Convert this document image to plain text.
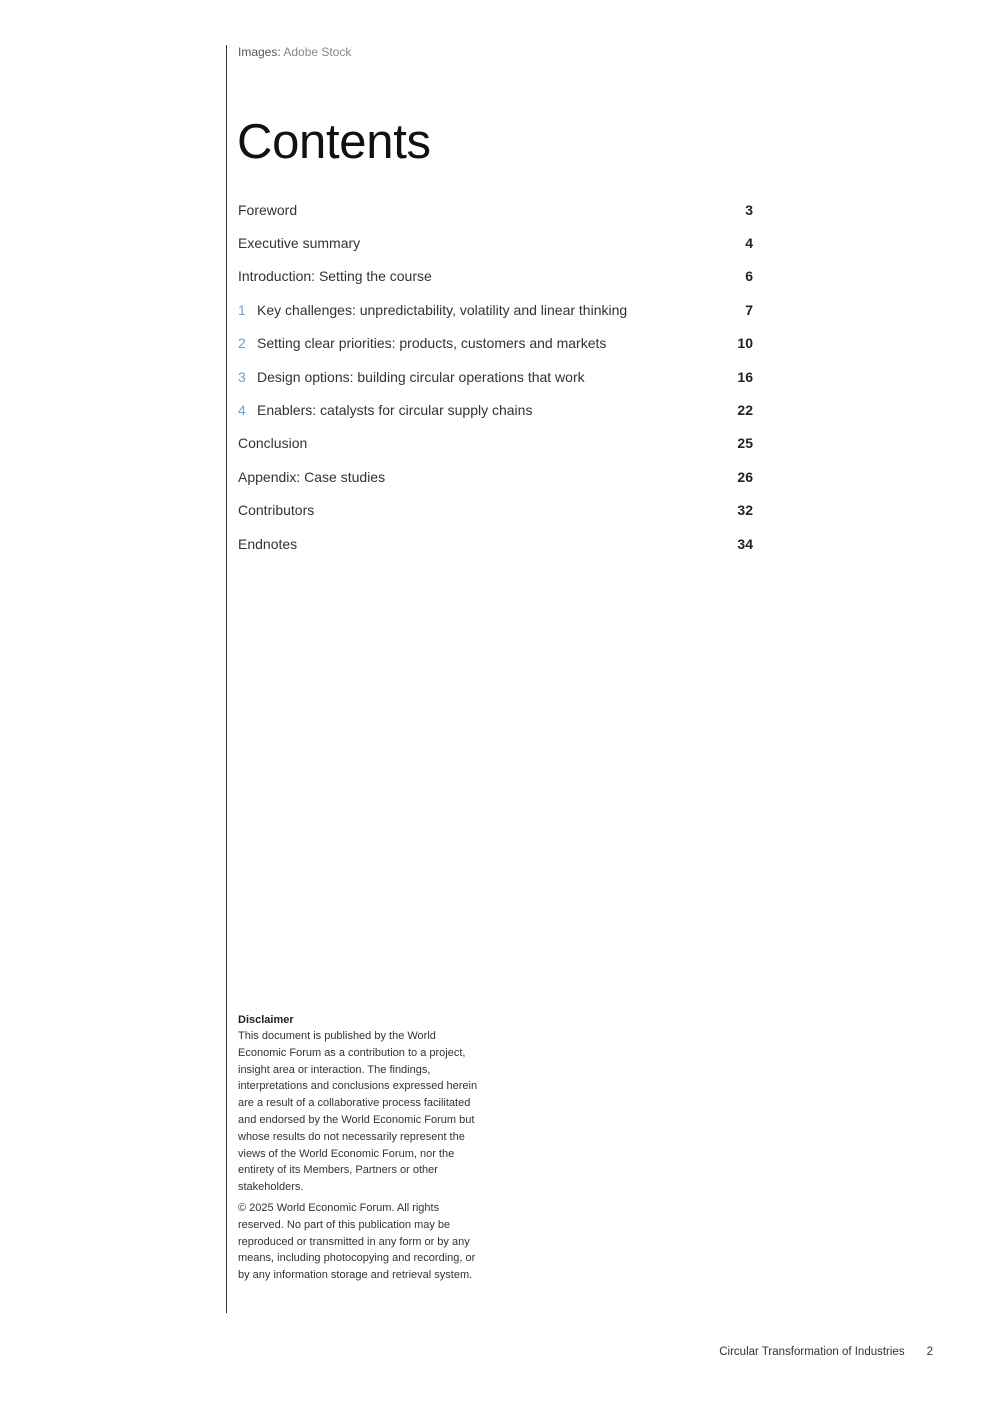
Images: Adobe Stock
Contents
Foreword	3
Executive summary	4
Introduction: Setting the course	6
1 Key challenges: unpredictability, volatility and linear thinking	7
2 Setting clear priorities: products, customers and markets	10
3 Design options: building circular operations that work	16
4 Enablers: catalysts for circular supply chains	22
Conclusion	25
Appendix: Case studies	26
Contributors	32
Endnotes	34
Disclaimer

This document is published by the World Economic Forum as a contribution to a project, insight area or interaction. The findings, interpretations and conclusions expressed herein are a result of a collaborative process facilitated and endorsed by the World Economic Forum but whose results do not necessarily represent the views of the World Economic Forum, nor the entirety of its Members, Partners or other stakeholders.

© 2025 World Economic Forum. All rights reserved. No part of this publication may be reproduced or transmitted in any form or by any means, including photocopying and recording, or by any information storage and retrieval system.

Circular Transformation of Industries 2
